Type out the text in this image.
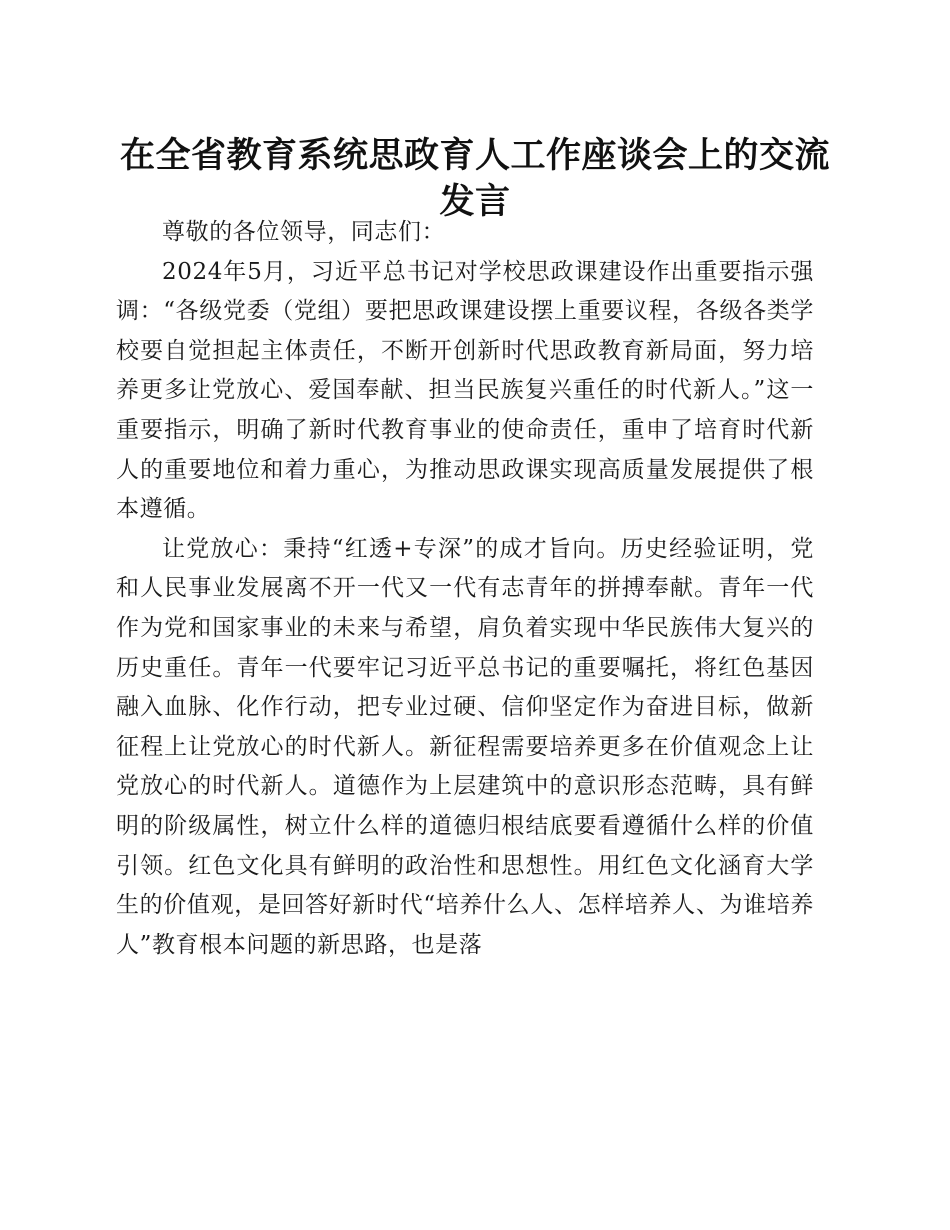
在全省教育系统思政育人工作座谈会上的交流发言

尊敬的各位领导，同志们：

2024年5月，习近平总书记对学校思政课建设作出重要指示强调：“各级党委（党组）要把思政课建设摆上重要议程，各级各类学校要自觉担起主体责任，不断开创新时代思政教育新局面，努力培养更多让党放心、爱国奉献、担当民族复兴重任的时代新人。”这一重要指示，明确了新时代教育事业的使命责任，重申了培育时代新人的重要地位和着力重心，为推动思政课实现高质量发展提供了根本遵循。

让党放心：秉持“红透+专深”的成才旨向。历史经验证明，党和人民事业发展离不开一代又一代有志青年的拼搏奉献。青年一代作为党和国家事业的未来与希望，肩负着实现中华民族伟大复兴的历史重任。青年一代要牢记习近平总书记的重要嘱托，将红色基因融入血脉、化作行动，把专业过硬、信仰坚定作为奋进目标，做新征程上让党放心的时代新人。新征程需要培养更多在价值观念上让党放心的时代新人。道德作为上层建筑中的意识形态范畴，具有鲜明的阶级属性，树立什么样的道德归根结底要看遵循什么样的价值引领。红色文化具有鲜明的政治性和思想性。用红色文化涵育大学生的价值观，是回答好新时代“培养什么人、怎样培养人、为谁培养人”教育根本问题的新思路，也是落
